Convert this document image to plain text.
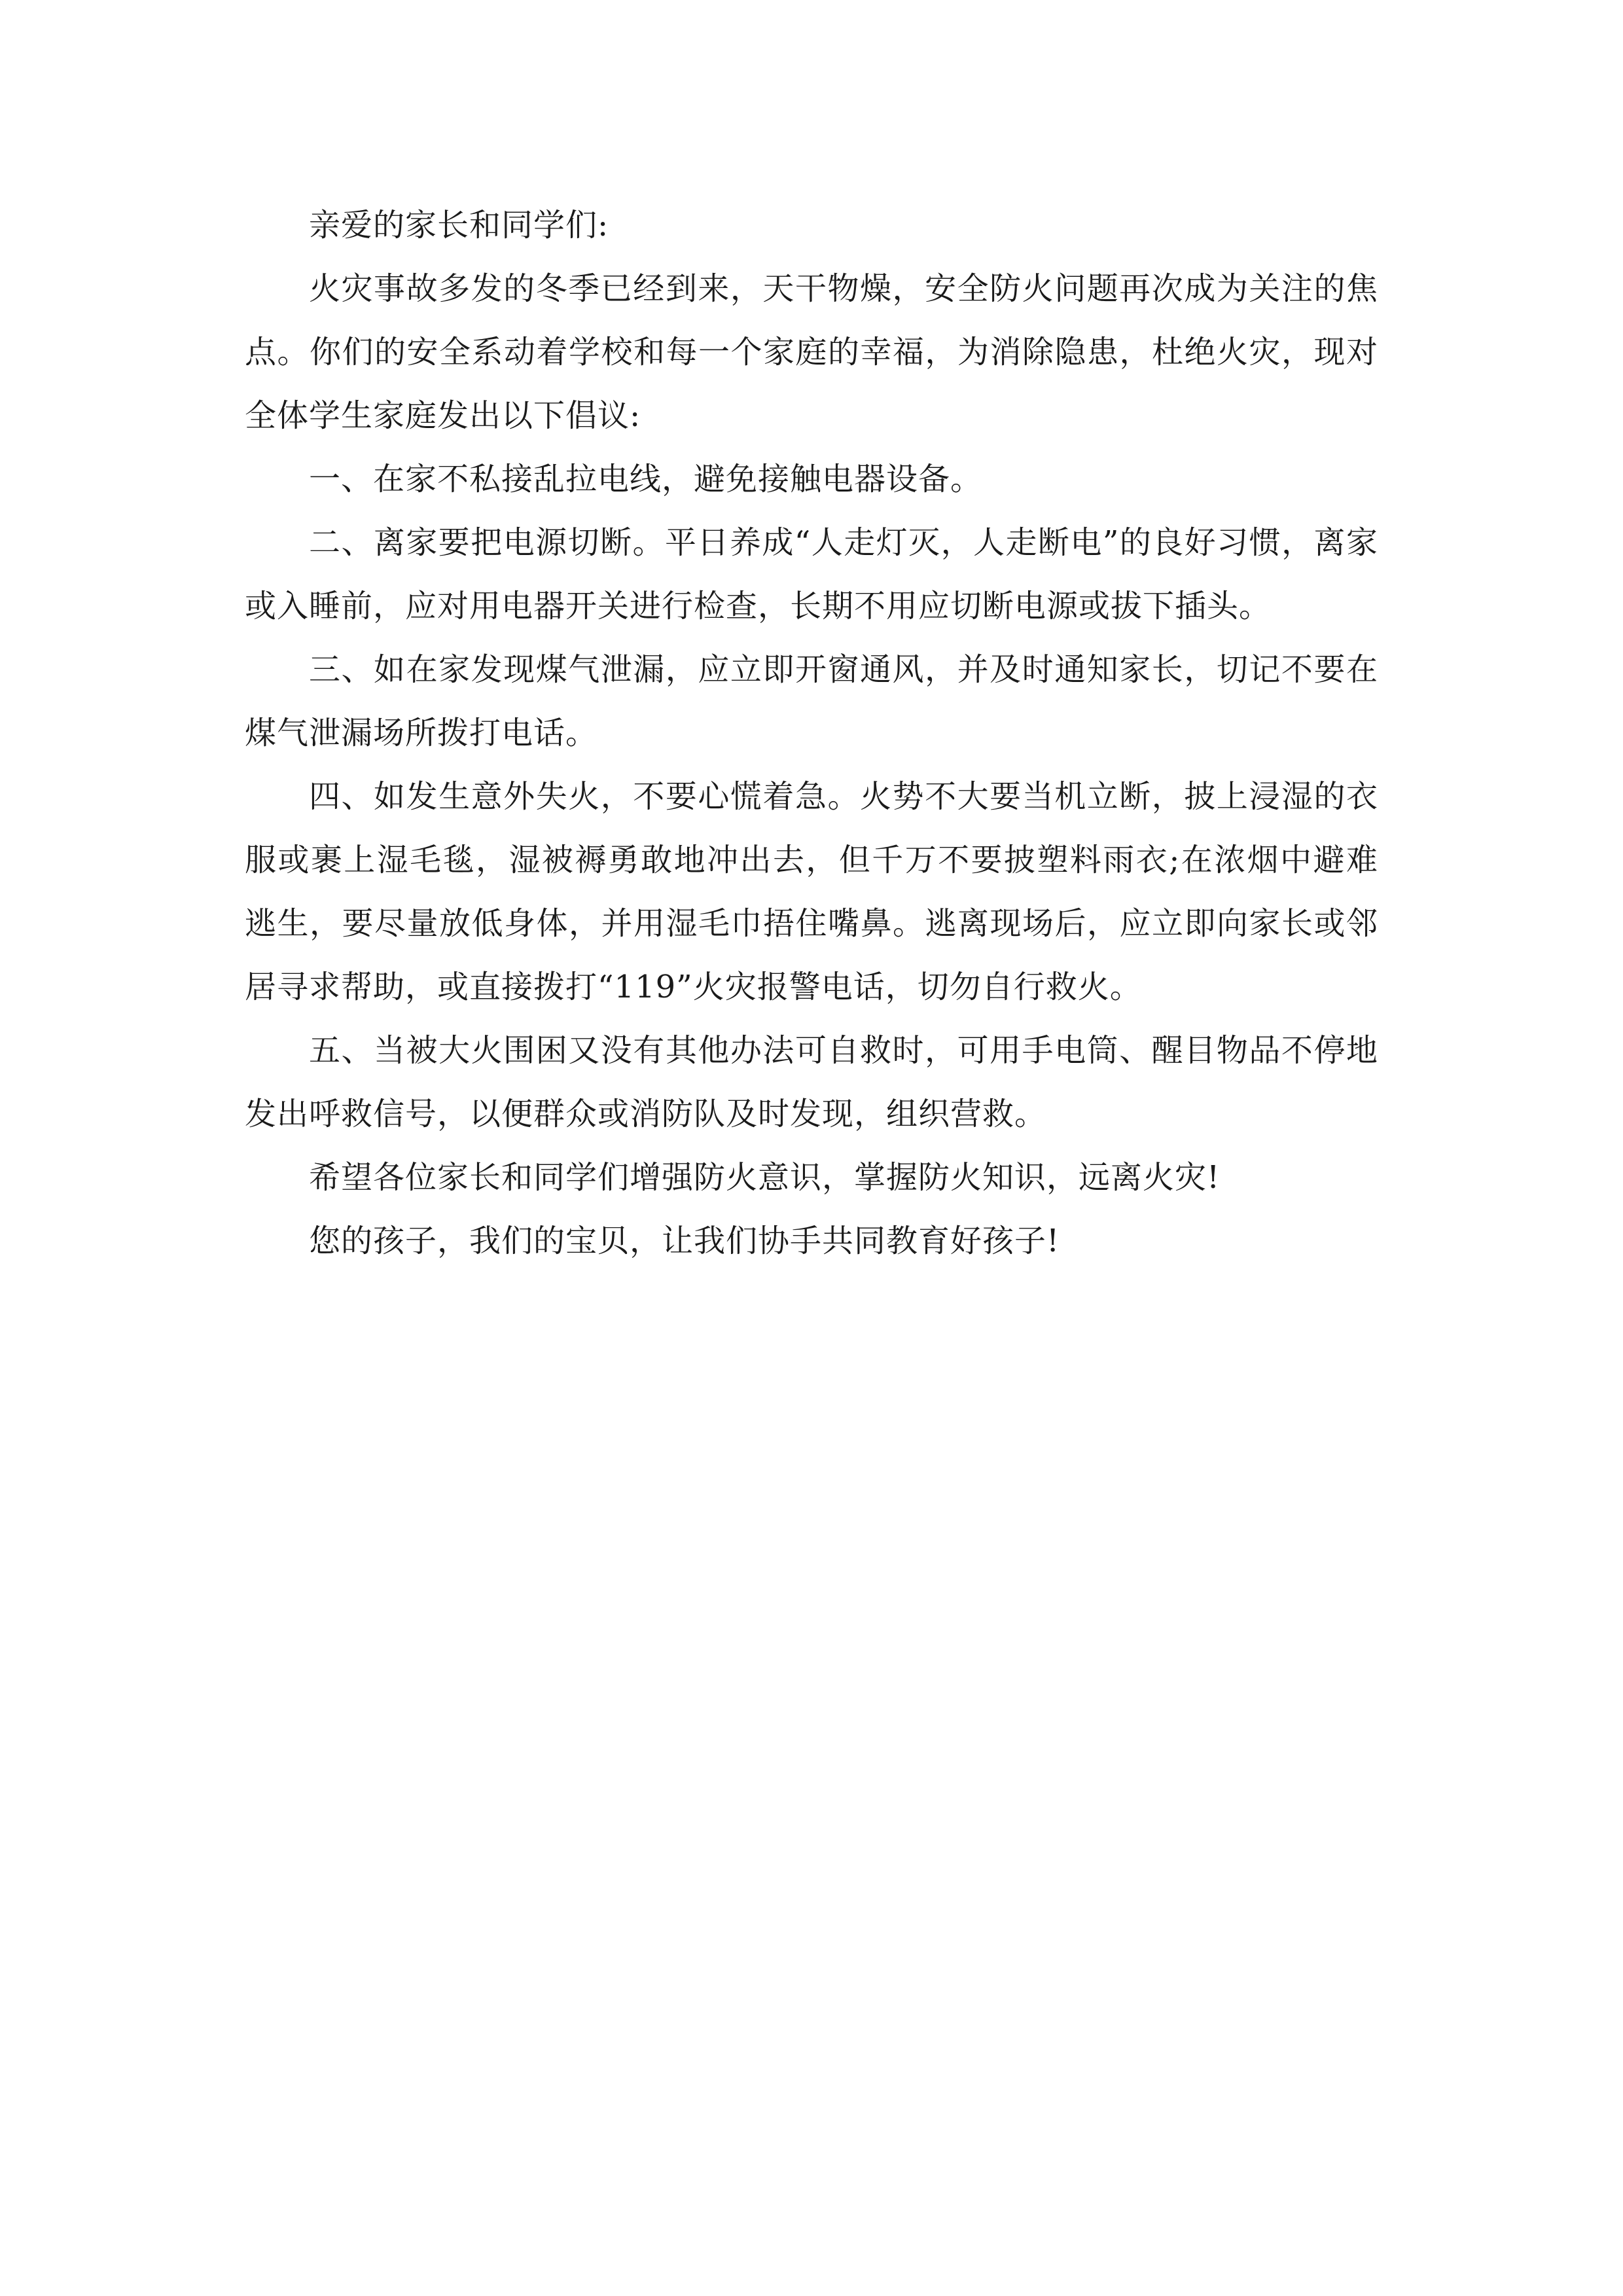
亲爱的家长和同学们:

火灾事故多发的冬季已经到来，天干物燥，安全防火问题再次成为关注的焦点。你们的安全系动着学校和每一个家庭的幸福，为消除隐患，杜绝火灾，现对全体学生家庭发出以下倡议:

一、在家不私接乱拉电线，避免接触电器设备。

二、离家要把电源切断。平日养成“人走灯灭，人走断电”的良好习惯，离家或入睡前，应对用电器开关进行检查，长期不用应切断电源或拔下插头。

三、如在家发现煤气泄漏，应立即开窗通风，并及时通知家长，切记不要在煤气泄漏场所拨打电话。

四、如发生意外失火，不要心慌着急。火势不大要当机立断，披上浸湿的衣服或裹上湿毛毯，湿被褥勇敢地冲出去，但千万不要披塑料雨衣;在浓烟中避难逃生，要尽量放低身体，并用湿毛巾捂住嘴鼻。逃离现场后，应立即向家长或邻居寻求帮助，或直接拨打“119”火灾报警电话，切勿自行救火。

五、当被大火围困又没有其他办法可自救时，可用手电筒、醒目物品不停地发出呼救信号，以便群众或消防队及时发现，组织营救。

希望各位家长和同学们增强防火意识，掌握防火知识，远离火灾!

您的孩子，我们的宝贝，让我们协手共同教育好孩子!
